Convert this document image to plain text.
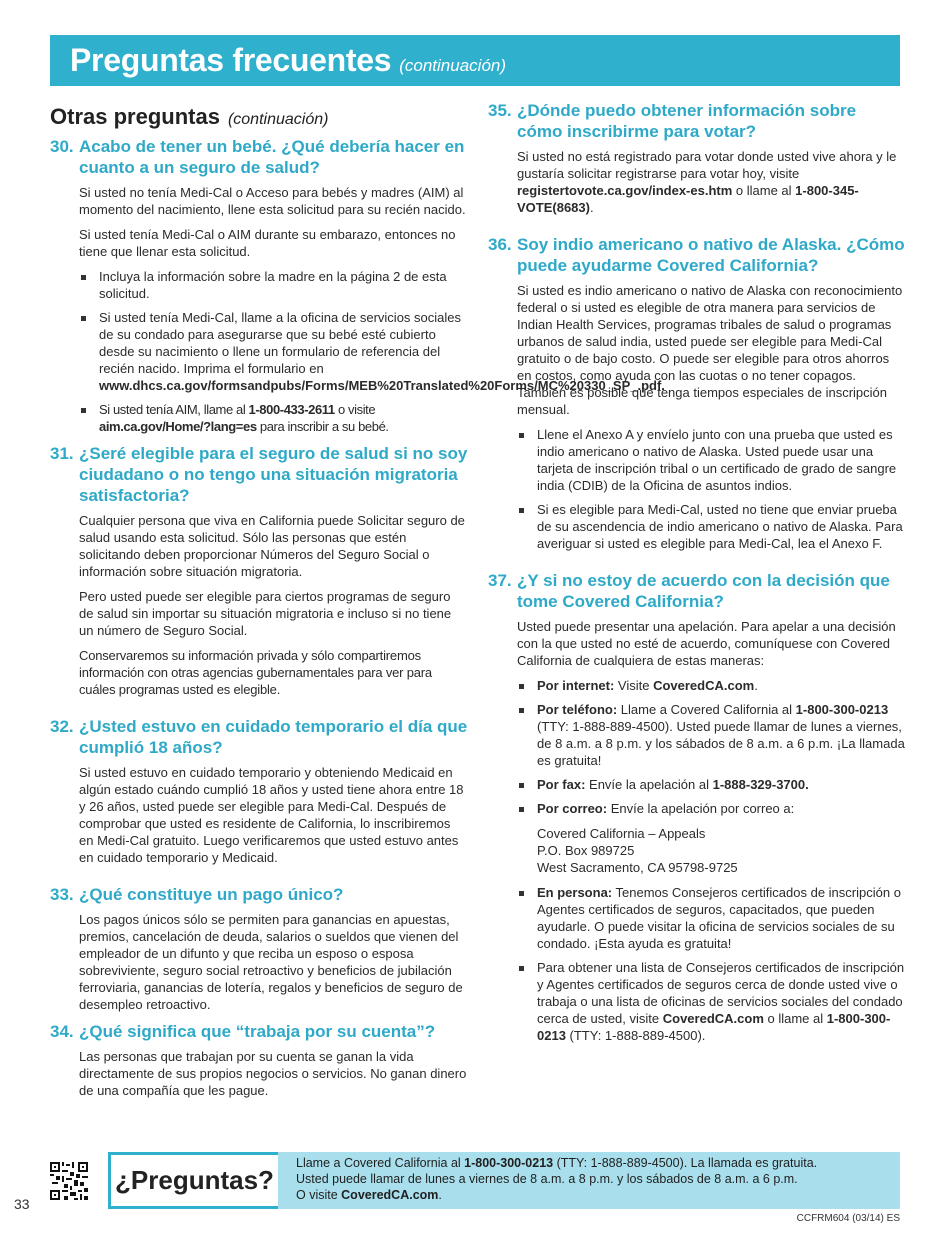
Preguntas frecuentes (continuación)
Otras preguntas (continuación)
30. Acabo de tener un bebé. ¿Qué debería hacer en cuanto a un seguro de salud?

Si usted no tenía Medi-Cal o Acceso para bebés y madres (AIM) al momento del nacimiento, llene esta solicitud para su recién nacido.

Si usted tenía Medi-Cal o AIM durante su embarazo, entonces no tiene que llenar esta solicitud.

Incluya la información sobre la madre en la página 2 de esta solicitud.
Si usted tenía Medi-Cal, llame a la oficina de servicios sociales de su condado para asegurarse que su bebé esté cubierto desde su nacimiento o llene un formulario de referencia del recién nacido. Imprima el formulario en www.dhcs.ca.gov/formsandpubs/Forms/MEB%20Translated%20Forms/MC%20330_SP_.pdf.
Si usted tenía AIM, llame al 1-800-433-2611 o visite aim.ca.gov/Home/?lang=es para inscribir a su bebé.
31. ¿Seré elegible para el seguro de salud si no soy ciudadano o no tengo una situación migratoria satisfactoria?

Cualquier persona que viva en California puede Solicitar seguro de salud usando esta solicitud. Sólo las personas que estén solicitando deben proporcionar Números del Seguro Social o información sobre situación migratoria.

Pero usted puede ser elegible para ciertos programas de seguro de salud sin importar su situación migratoria e incluso si no tiene un número de Seguro Social.

Conservaremos su información privada y sólo compartiremos información con otras agencias gubernamentales para ver para cuáles programas usted es elegible.

32. ¿Usted estuvo en cuidado temporario el día que cumplió 18 años?

Si usted estuvo en cuidado temporario y obteniendo Medicaid en algún estado cuándo cumplió 18 años y usted tiene ahora entre 18 y 26 años, usted puede ser elegible para Medi-Cal. Después de comprobar que usted es residente de California, lo inscribiremos en Medi-Cal gratuito. Luego verificaremos que usted estuvo antes en cuidado temporario y Medicaid.

33. ¿Qué constituye un pago único?

Los pagos únicos sólo se permiten para ganancias en apuestas, premios, cancelación de deuda, salarios o sueldos que vienen del empleador de un difunto y que reciba un esposo o esposa sobreviviente, seguro social retroactivo y beneficios de jubilación ferroviaria, ganancias de lotería, regalos y beneficios de seguro de desempleo retroactivo.

34. ¿Qué significa que “trabaja por su cuenta”?

Las personas que trabajan por su cuenta se ganan la vida directamente de sus propios negocios o servicios. No ganan dinero de una compañía que les pague.

35. ¿Dónde puedo obtener información sobre cómo inscribirme para votar?

Si usted no está registrado para votar donde usted vive ahora y le gustaría solicitar registrarse para votar hoy, visite registertovote.ca.gov/index-es.htm o llame al 1-800-345-VOTE(8683).

36. Soy indio americano o nativo de Alaska. ¿Cómo puede ayudarme Covered California?

Si usted es indio americano o nativo de Alaska con reconocimiento federal o si usted es elegible de otra manera para servicios de Indian Health Services, programas tribales de salud o programas urbanos de salud india, usted puede ser elegible para Medi-Cal gratuito o de bajo costo. O puede ser elegible para otros ahorros en costos, como ayuda con las cuotas o no tener copagos. También es posible que tenga tiempos especiales de inscripción mensual.

Llene el Anexo A y envíelo junto con una prueba que usted es indio americano o nativo de Alaska. Usted puede usar una tarjeta de inscripción tribal o un certificado de grado de sangre india (CDIB) de la Oficina de asuntos indios.
Si es elegible para Medi-Cal, usted no tiene que enviar prueba de su ascendencia de indio americano o nativo de Alaska. Para averiguar si usted es elegible para Medi-Cal, lea el Anexo F.
37. ¿Y si no estoy de acuerdo con la decisión que tome Covered California?

Usted puede presentar una apelación. Para apelar a una decisión con la que usted no esté de acuerdo, comuníquese con Covered California de cualquiera de estas maneras:

Por internet: Visite CoveredCA.com.
Por teléfono: Llame a Covered California al 1-800-300-0213 (TTY: 1-888-889-4500). Usted puede llamar de lunes a viernes, de 8 a.m. a 8 p.m. y los sábados de 8 a.m. a 6 p.m. ¡La llamada es gratuita!
Por fax: Envíe la apelación al 1-888-329-3700.
Por correo: Envíe la apelación por correo a:
Covered California – Appeals
P.O. Box 989725
West Sacramento, CA 95798-9725
En persona: Tenemos Consejeros certificados de inscripción o Agentes certificados de seguros, capacitados, que pueden ayudarle. O puede visitar la oficina de servicios sociales de su condado. ¡Esta ayuda es gratuita!
Para obtener una lista de Consejeros certificados de inscripción y Agentes certificados de seguros cerca de donde usted vive o trabaja o una lista de oficinas de servicios sociales del condado cerca de usted, visite CoveredCA.com o llame al 1-800-300-0213 (TTY: 1-888-889-4500).
33
¿Preguntas?
Llame a Covered California al 1-800-300-0213 (TTY: 1-888-889-4500). La llamada es gratuita.
Usted puede llamar de lunes a viernes de 8 a.m. a 8 p.m. y los sábados de 8 a.m. a 6 p.m.
O visite CoveredCA.com.
CCFRM604 (03/14) ES
